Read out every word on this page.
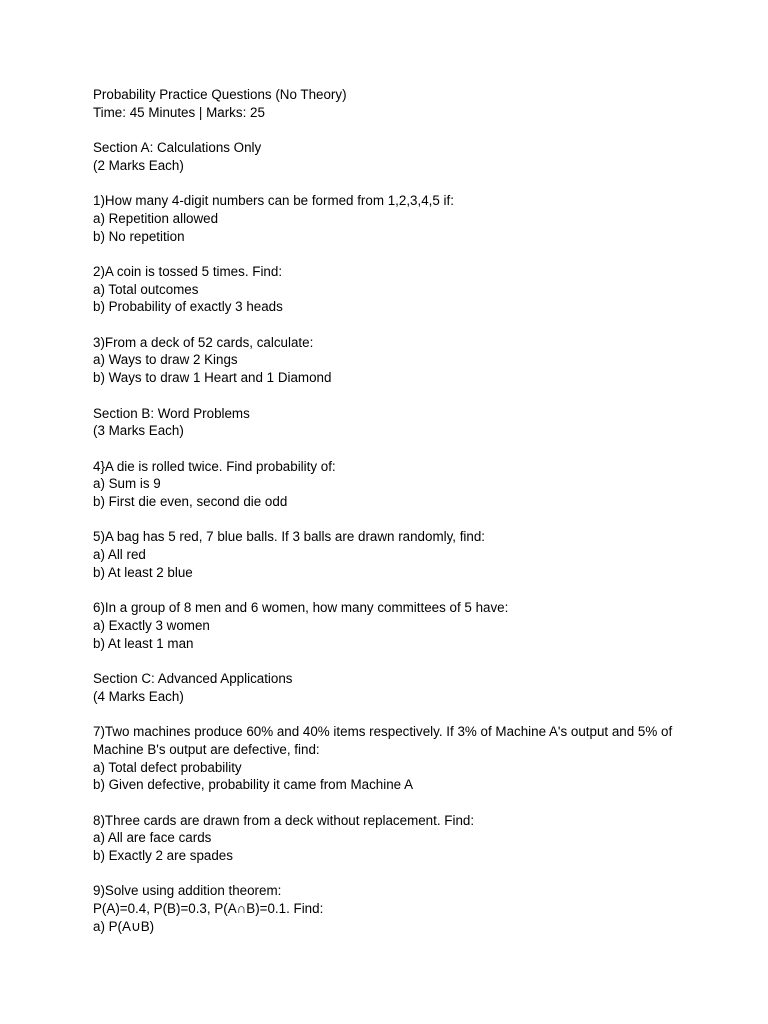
Probability Practice Questions (No Theory)
Time: 45 Minutes | Marks: 25
Section A: Calculations Only
(2 Marks Each)
1)How many 4-digit numbers can be formed from 1,2,3,4,5 if:
a) Repetition allowed
b) No repetition
2)A coin is tossed 5 times. Find:
a) Total outcomes
b) Probability of exactly 3 heads
3)From a deck of 52 cards, calculate:
a) Ways to draw 2 Kings
b) Ways to draw 1 Heart and 1 Diamond
Section B: Word Problems
(3 Marks Each)
4}A die is rolled twice. Find probability of:
a) Sum is 9
b) First die even, second die odd
5)A bag has 5 red, 7 blue balls. If 3 balls are drawn randomly, find:
a) All red
b) At least 2 blue
6)In a group of 8 men and 6 women, how many committees of 5 have:
a) Exactly 3 women
b) At least 1 man
Section C: Advanced Applications
(4 Marks Each)
7)Two machines produce 60% and 40% items respectively. If 3% of Machine A's output and 5% of Machine B's output are defective, find:
a) Total defect probability
b) Given defective, probability it came from Machine A
8)Three cards are drawn from a deck without replacement. Find:
a) All are face cards
b) Exactly 2 are spades
9)Solve using addition theorem:
P(A)=0.4, P(B)=0.3, P(A∩B)=0.1. Find:
a) P(A∪B)
